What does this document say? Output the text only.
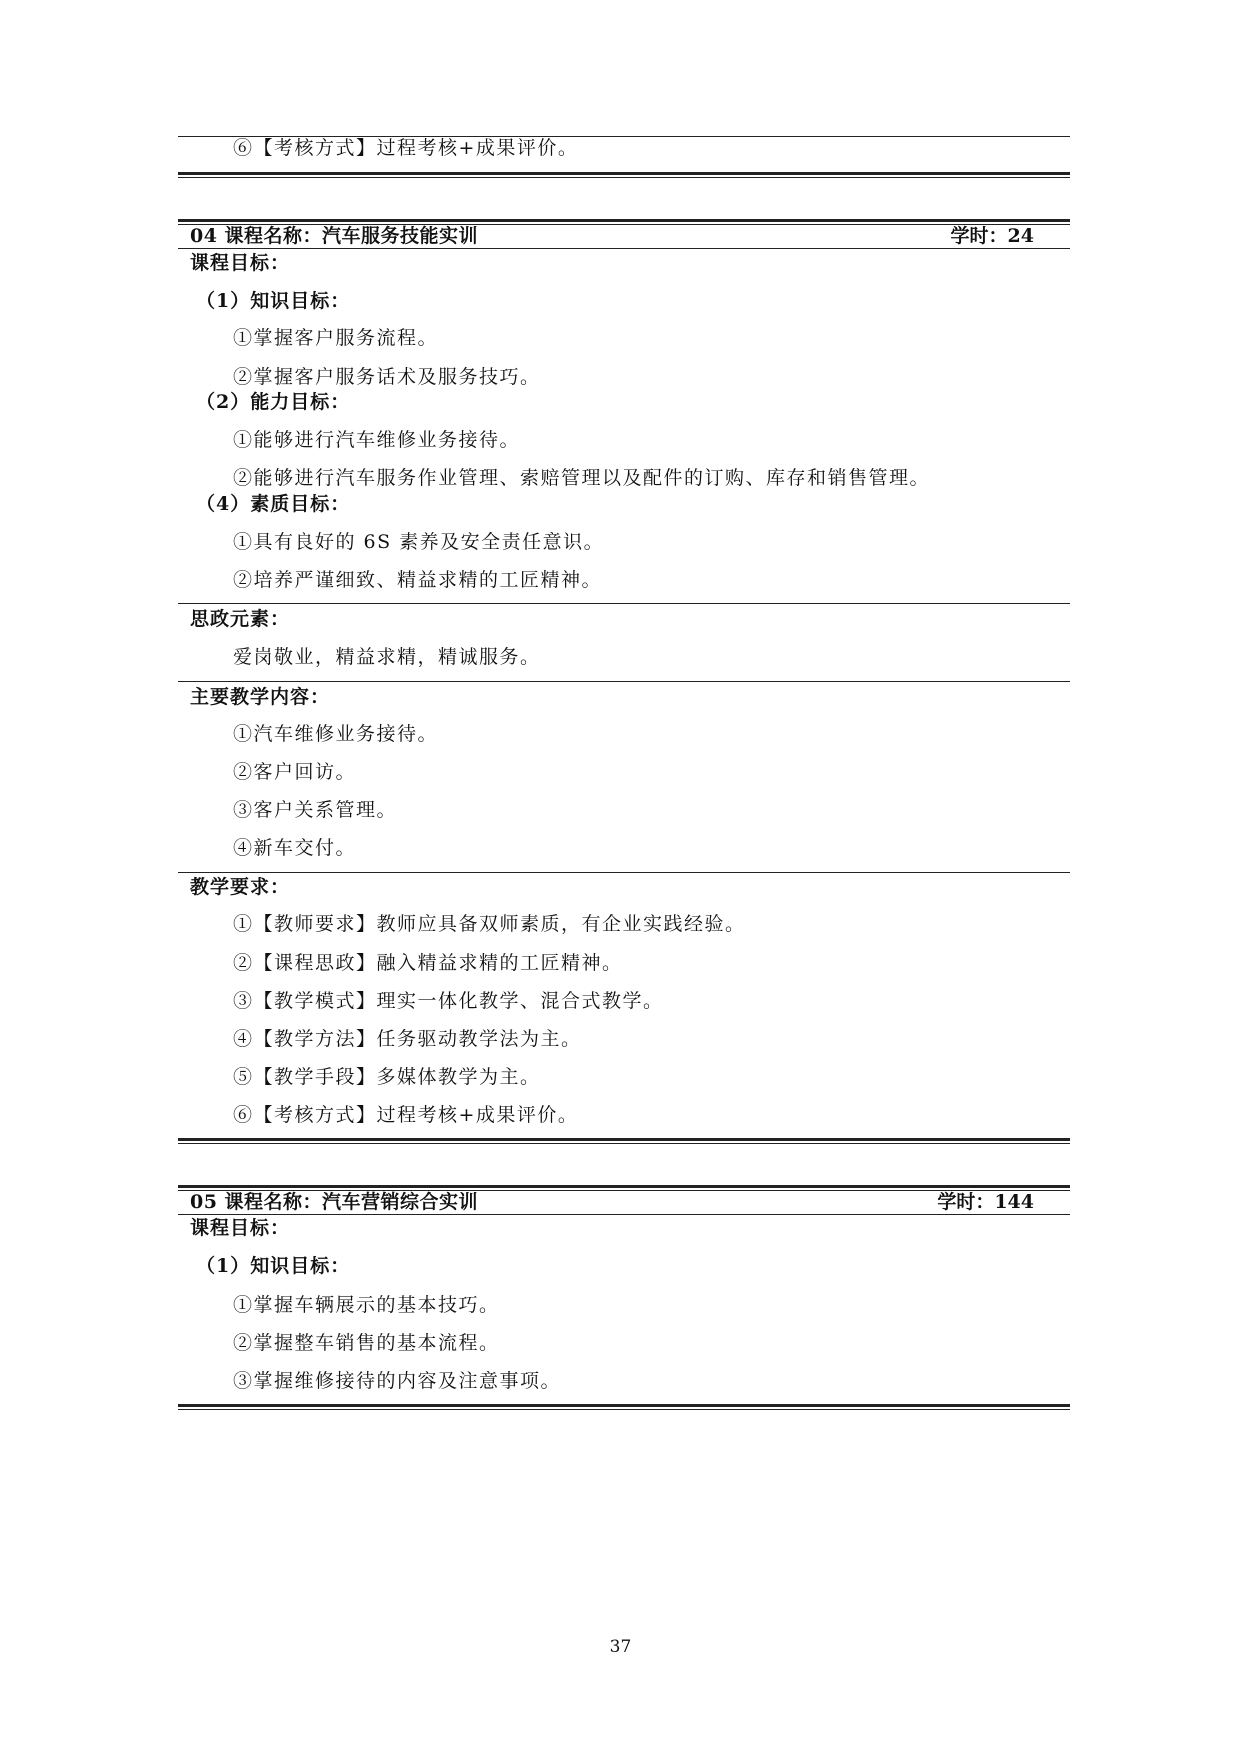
⑥【考核方式】过程考核+成果评价。
04 课程名称：汽车服务技能实训	学时：24
课程目标：
（1）知识目标：
①掌握客户服务流程。
②掌握客户服务话术及服务技巧。
（2）能力目标：
①能够进行汽车维修业务接待。
②能够进行汽车服务作业管理、索赔管理以及配件的订购、库存和销售管理。
（4）素质目标：
①具有良好的 6S 素养及安全责任意识。
②培养严谨细致、精益求精的工匠精神。
思政元素：
爱岗敬业，精益求精，精诚服务。
主要教学内容：
①汽车维修业务接待。
②客户回访。
③客户关系管理。
④新车交付。
教学要求：
①【教师要求】教师应具备双师素质，有企业实践经验。
②【课程思政】融入精益求精的工匠精神。
③【教学模式】理实一体化教学、混合式教学。
④【教学方法】任务驱动教学法为主。
⑤【教学手段】多媒体教学为主。
⑥【考核方式】过程考核+成果评价。
05 课程名称：汽车营销综合实训	学时：144
课程目标：
（1）知识目标：
①掌握车辆展示的基本技巧。
②掌握整车销售的基本流程。
③掌握维修接待的内容及注意事项。
37
